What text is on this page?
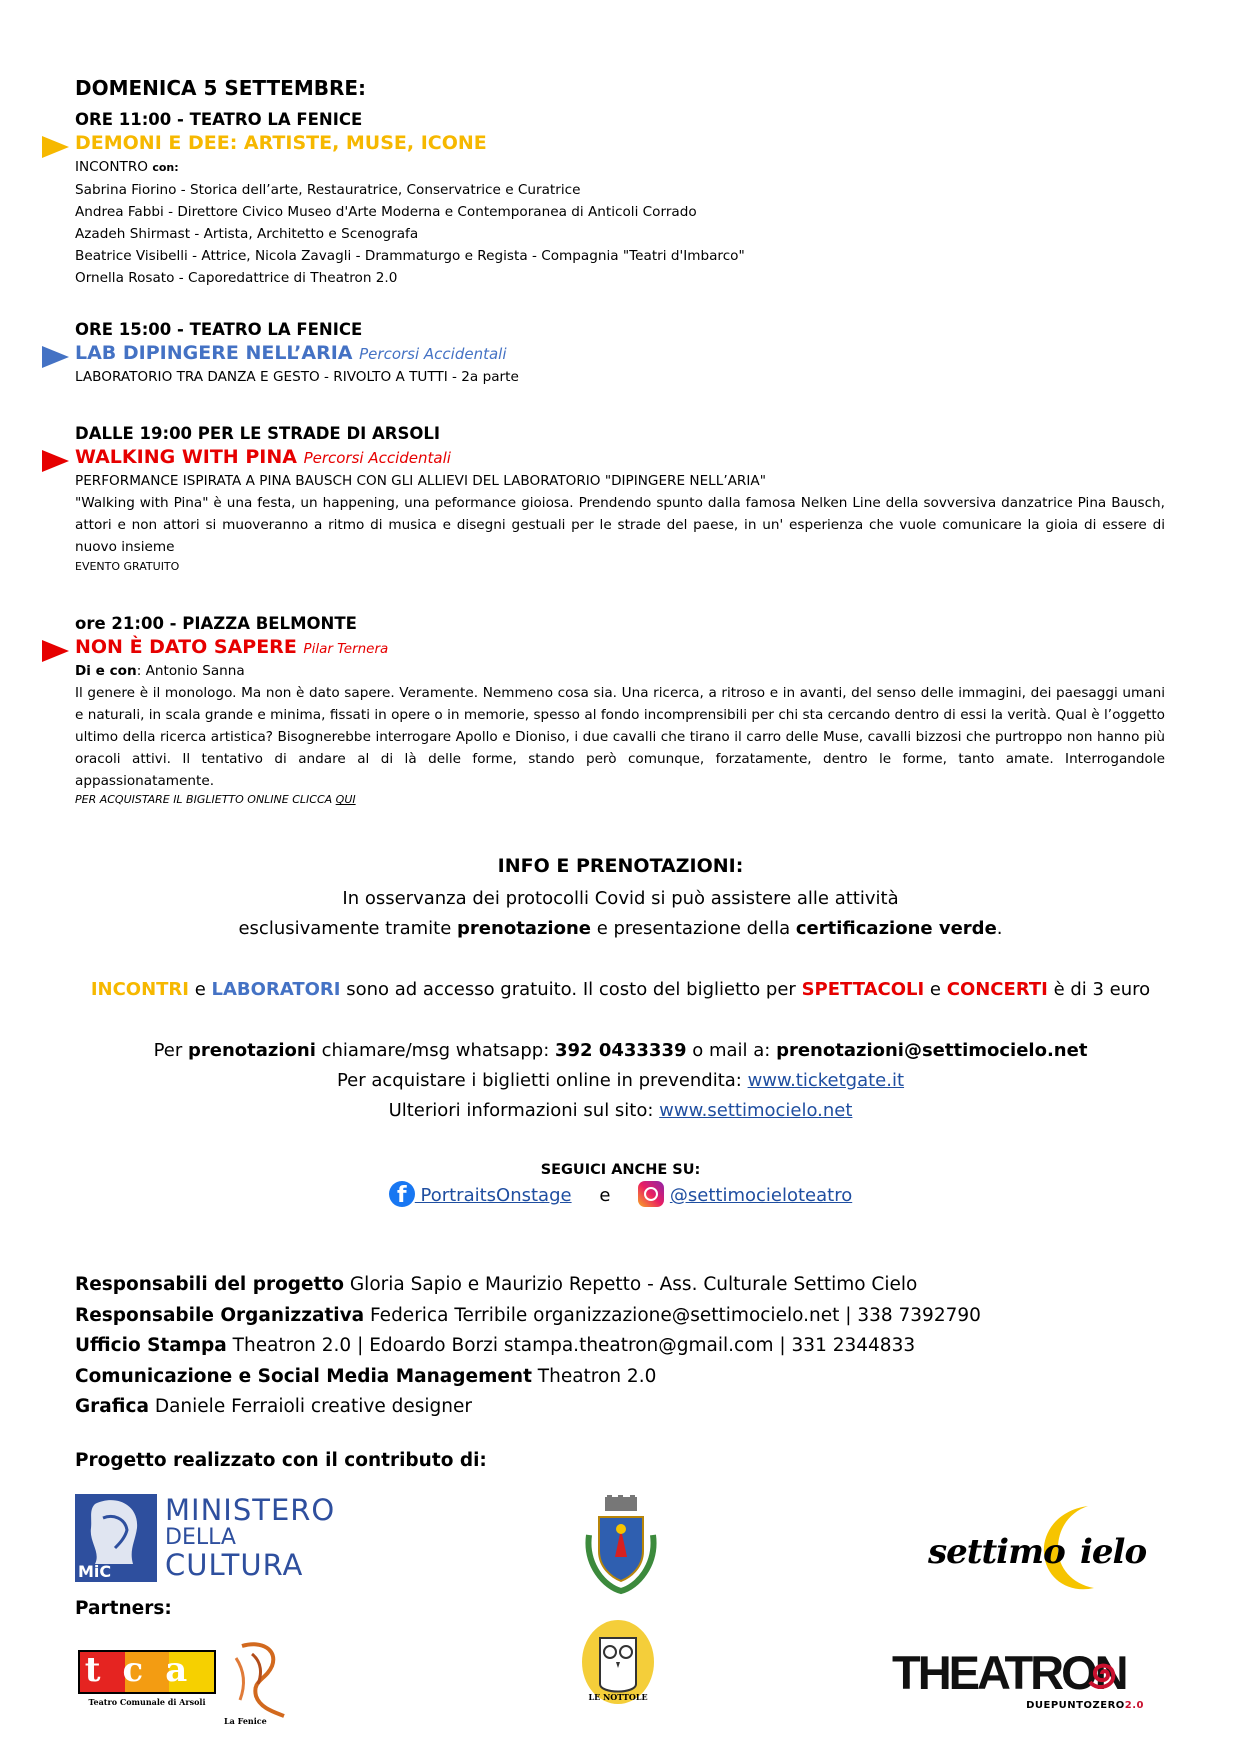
DOMENICA 5 SETTEMBRE:
ORE 11:00 - TEATRO LA FENICE
DEMONI E DEE: ARTISTE, MUSE, ICONE
INCONTRO con:
Sabrina Fiorino - Storica dell’arte, Restauratrice, Conservatrice e Curatrice
Andrea Fabbi - Direttore Civico Museo d'Arte Moderna e Contemporanea di Anticoli Corrado
Azadeh Shirmast - Artista, Architetto e Scenografa
Beatrice Visibelli - Attrice, Nicola Zavagli - Drammaturgo e Regista - Compagnia "Teatri d'Imbarco"
Ornella Rosato - Caporedattrice di Theatron 2.0
ORE 15:00 - TEATRO LA FENICE
LAB DIPINGERE NELL’ARIA Percorsi Accidentali
LABORATORIO TRA DANZA E GESTO - RIVOLTO A TUTTI - 2a parte
DALLE 19:00 PER LE STRADE DI ARSOLI
WALKING WITH PINA Percorsi Accidentali
PERFORMANCE ISPIRATA A PINA BAUSCH CON GLI ALLIEVI DEL LABORATORIO "DIPINGERE NELL’ARIA"
"Walking with Pina" è una festa, un happening, una peformance gioiosa. Prendendo spunto dalla famosa Nelken Line della sovversiva danzatrice Pina Bausch, attori e non attori si muoveranno a ritmo di musica e disegni gestuali per le strade del paese, in un' esperienza che vuole comunicare la gioia di essere di nuovo insieme
EVENTO GRATUITO
ore 21:00 - PIAZZA BELMONTE
NON È DATO SAPERE Pilar Ternera
Di e con: Antonio Sanna
Il genere è il monologo. Ma non è dato sapere. Veramente. Nemmeno cosa sia. Una ricerca, a ritroso e in avanti, del senso delle immagini, dei paesaggi umani e naturali, in scala grande e minima, fissati in opere o in memorie, spesso al fondo incomprensibili per chi sta cercando dentro di essi la verità. Qual è l’oggetto ultimo della ricerca artistica? Bisognerebbe interrogare Apollo e Dioniso, i due cavalli che tirano il carro delle Muse, cavalli bizzosi che purtroppo non hanno più oracoli attivi. Il tentativo di andare al di là delle forme, stando però comunque, forzatamente, dentro le forme, tanto amate. Interrogandole appassionatamente.
PER ACQUISTARE IL BIGLIETTO ONLINE CLICCA QUI
INFO E PRENOTAZIONI:
In osservanza dei protocolli Covid si può assistere alle attività
esclusivamente tramite prenotazione e presentazione della certificazione verde.
INCONTRI e LABORATORI sono ad accesso gratuito. Il costo del biglietto per SPETTACOLI e CONCERTI è di 3 euro
Per prenotazioni chiamare/msg whatsapp: 392 0433339 o mail a: prenotazioni@settimocielo.net
Per acquistare i biglietti online in prevendita: www.ticketgate.it
Ulteriori informazioni sul sito: www.settimocielo.net
SEGUICI ANCHE SU:
f PortraitsOnstage e	@settimocieloteatro
Responsabili del progetto Gloria Sapio e Maurizio Repetto - Ass. Culturale Settimo Cielo
Responsabile Organizzativa Federica Terribile organizzazione@settimocielo.net | 338 7392790
Ufficio Stampa Theatron 2.0 | Edoardo Borzi stampa.theatron@gmail.com | 331 2344833
Comunicazione e Social Media Management Theatron 2.0
Grafica Daniele Ferraioli creative designer
Progetto realizzato con il contributo di:
MiC
MINISTERO
DELLA
CULTURA	settimo ielo
Partners:
tca
Teatro Comunale di Arsoli
La Fenice
LE NOTTOLE	THEATRON
DUEPUNTOZERO2.0
